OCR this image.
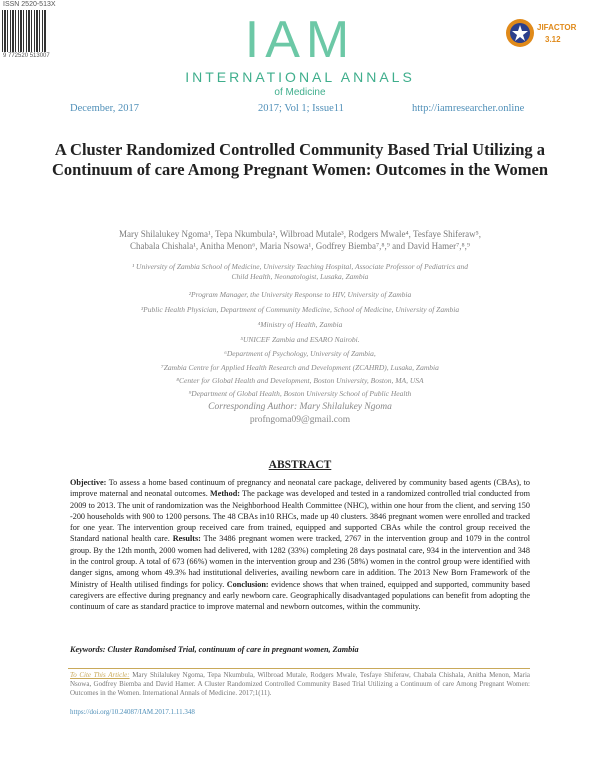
ISSN 2520-513X
9 772520 513007	IAM
INTERNATIONAL ANNALS
of Medicine
JIFACTOR
3.12
December, 2017	2017; Vol 1; Issue11	http://iamresearcher.online
A Cluster Randomized Controlled Community Based Trial Utilizing a Continuum of care Among Pregnant Women: Outcomes in the Women
Mary Shilalukey Ngoma¹, Tepa Nkumbula², Wilbroad Mutale³, Rodgers Mwale⁴, Tesfaye Shiferaw⁵,
Chabala Chishala¹, Anitha Menon⁶, Maria Nsowa¹, Godfrey Biemba⁷,⁸,⁹ and David Hamer⁷,⁸,⁹
¹ University of Zambia School of Medicine, University Teaching Hospital, Associate Professor of Pediatrics and
Child Health, Neonatologist, Lusaka, Zambia
²Program Manager, the University Response to HIV, University of Zambia
³Public Health Physician, Department of Community Medicine, School of Medicine, University of Zambia
⁴Ministry of Health, Zambia
⁵UNICEF Zambia and ESARO Nairobi.
⁶Department of Psychology, University of Zambia,
⁷Zambia Centre for Applied Health Research and Development (ZCAHRD), Lusaka, Zambia
⁸Center for Global Health and Development, Boston University, Boston, MA, USA
⁹Department of Global Health, Boston University School of Public Health
Corresponding Author: Mary Shilalukey Ngoma
profngoma09@gmail.com
ABSTRACT
Objective: To assess a home based continuum of pregnancy and neonatal care package, delivered by community based agents (CBAs), to improve maternal and neonatal outcomes. Method: The package was developed and tested in a randomized controlled trial conducted from 2009 to 2013. The unit of randomization was the Neighborhood Health Committee (NHC), within one hour from the client, and serving 150 -200 households with 900 to 1200 persons. The 48 CBAs in10 RHCs, made up 40 clusters. 3846 pregnant women were enrolled and tracked for one year. The intervention group received care from trained, equipped and supported CBAs while the control group received the Standard national health care. Results: The 3486 pregnant women were tracked, 2767 in the intervention group and 1079 in the control group. By the 12th month, 2000 women had delivered, with 1282 (33%) completing 28 days postnatal care, 934 in the intervention and 348 in the control group. A total of 673 (66%) women in the intervention group and 236 (58%) women in the control group were identified with danger signs, among whom 49.3% had institutional deliveries, availing newborn care in addition. The 2013 New Born Framework of the Ministry of Health utilised findings for policy. Conclusion: evidence shows that when trained, equipped and supported, community based caregivers are effective during pregnancy and early newborn care. Geographically disadvantaged populations can benefit from adopting the continuum of care as standard practice to improve maternal and newborn outcomes, within the community.
Keywords: Cluster Randomised Trial, continuum of care in pregnant women, Zambia
To Cite This Article: Mary Shilalukey Ngoma, Tepa Nkumbula, Wilbroad Mutale, Rodgers Mwale, Tesfaye Shiferaw, Chabala Chishala, Anitha Menon, Maria Nsowa, Godfrey Biemba and David Hamer. A Cluster Randomized Controlled Community Based Trial Utilizing a Continuum of care Among Pregnant Women: Outcomes in the Women. International Annals of Medicine. 2017;1(11).
https://doi.org/10.24087/IAM.2017.1.11.348
